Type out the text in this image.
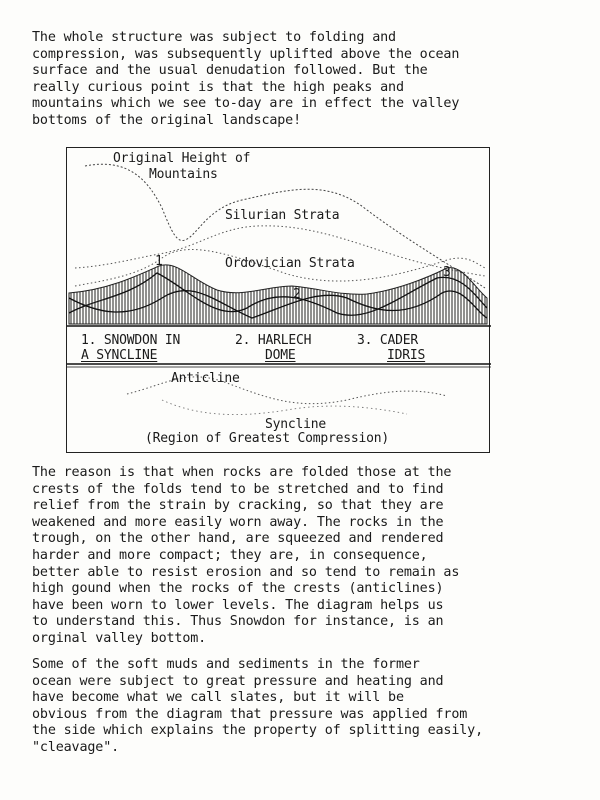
The whole structure was subject to folding and
compression, was subsequently uplifted above the ocean
surface and the usual denudation followed. But the
really curious point is that the high peaks and
mountains which we see to-day are in effect the valley
bottoms of the original landscape!

Original Height of
Mountains
Silurian Strata
Ordovician Strata
1
2
3
1. SNOWDON IN
A SYNCLINE
2. HARLECH
DOME
3. CADER
IDRIS
Anticline
Syncline
(Region of Greatest Compression)

The reason is that when rocks are folded those at the
crests of the folds tend to be stretched and to find
relief from the strain by cracking, so that they are
weakened and more easily worn away. The rocks in the
trough, on the other hand, are squeezed and rendered
harder and more compact; they are, in consequence,
better able to resist erosion and so tend to remain as
high gound when the rocks of the crests (anticlines)
have been worn to lower levels. The diagram helps us
to understand this. Thus Snowdon for instance, is an
orginal valley bottom.

Some of the soft muds and sediments in the former
ocean were subject to great pressure and heating and
have become what we call slates, but it will be
obvious from the diagram that pressure was applied from
the side which explains the property of splitting easily,
"cleavage".
